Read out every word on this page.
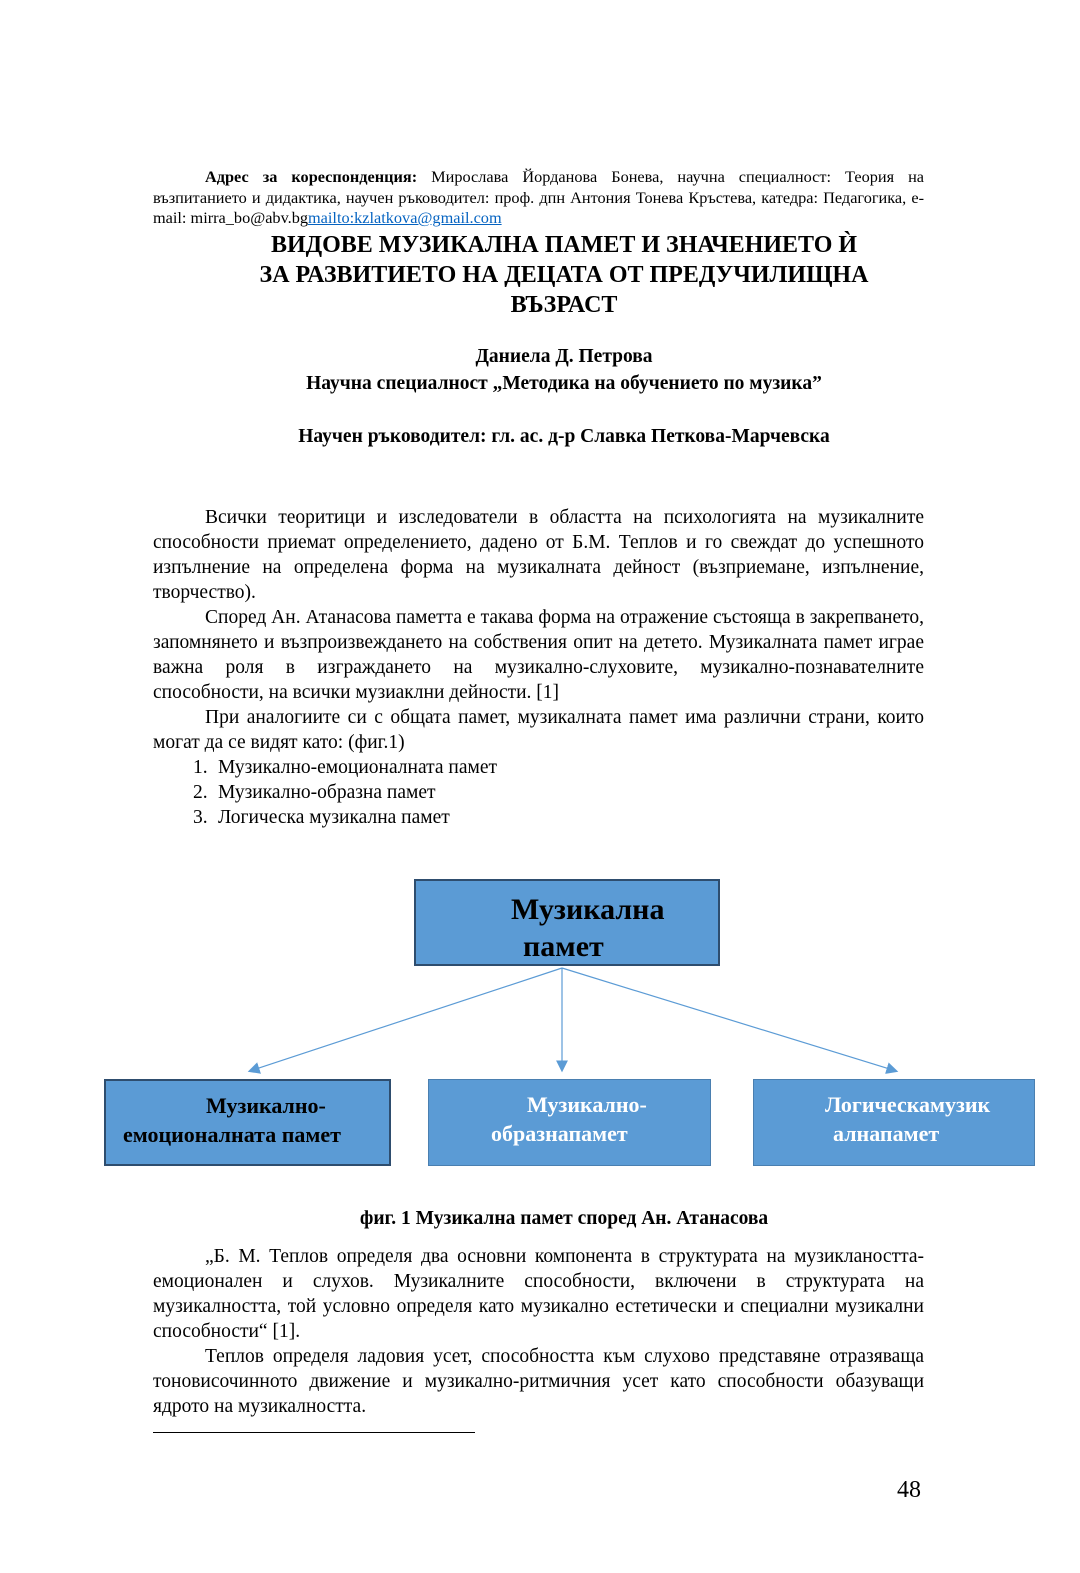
Адрес за кореспонденция: Мирослава Йорданова Бонева, научна специалност: Теория на възпитанието и дидактика, научен ръководител: проф. дпн Антония Тонева Кръстева, катедра: Педагогика, e-mail: mirra_bo@abv.bgmailto:kzlatkova@gmail.com
ВИДОВЕ МУЗИКАЛНА ПАМЕТ И ЗНАЧЕНИЕТО Ѝ
ЗА РАЗВИТИЕТО НА ДЕЦАТА ОТ ПРЕДУЧИЛИЩНА
ВЪЗРАСТ
Даниела Д. Петрова
Научна специалност „Методика на обучението по музика”
Научен ръководител: гл. ас. д-р Славка Петкова-Марчевска

Всички теоритици и изследователи в областта на психологията на музикалните способности приемат определението, дадено от Б.М. Теплов и го свеждат до успешното изпълнение на определена форма на музикалната дейност (възприемане, изпълнение, творчество).

Според Ан. Атанасова паметта е такава форма на отражение състояща в закрепването, запомнянето и възпроизвеждането на собствения опит на детето. Музикалната памет играе важна роля в изграждането на музикално-слуховите, музикално-познавателните способности, на всички музиаклни дейности. [1]

При аналогиите си с общата памет, музикалната памет има различни страни, които могат да се видят като: (фиг.1)

1. Музикално-емоционалната памет
2. Музикално-образна памет
3. Логическа музикална памет
Музикална
памет
Музикално-
емоционалната памет
Музикално-
образнапамет
Логическамузик
алнапамет
фиг. 1 Музикална памет според Ан. Атанасова

„Б. М. Теплов определя два основни компонента в структурата на музиклаността- емоционален и слухов. Музикалните способности, включени в структурата на музикалността, той условно определя като музикално естетически и специални музикални способности“ [1].

Теплов определя ладовия усет, способността към слухово представяне отразяваща тоновисочинното движение и музикално-ритмичния усет като способности обазуващи ядрото на музикалността.

48
